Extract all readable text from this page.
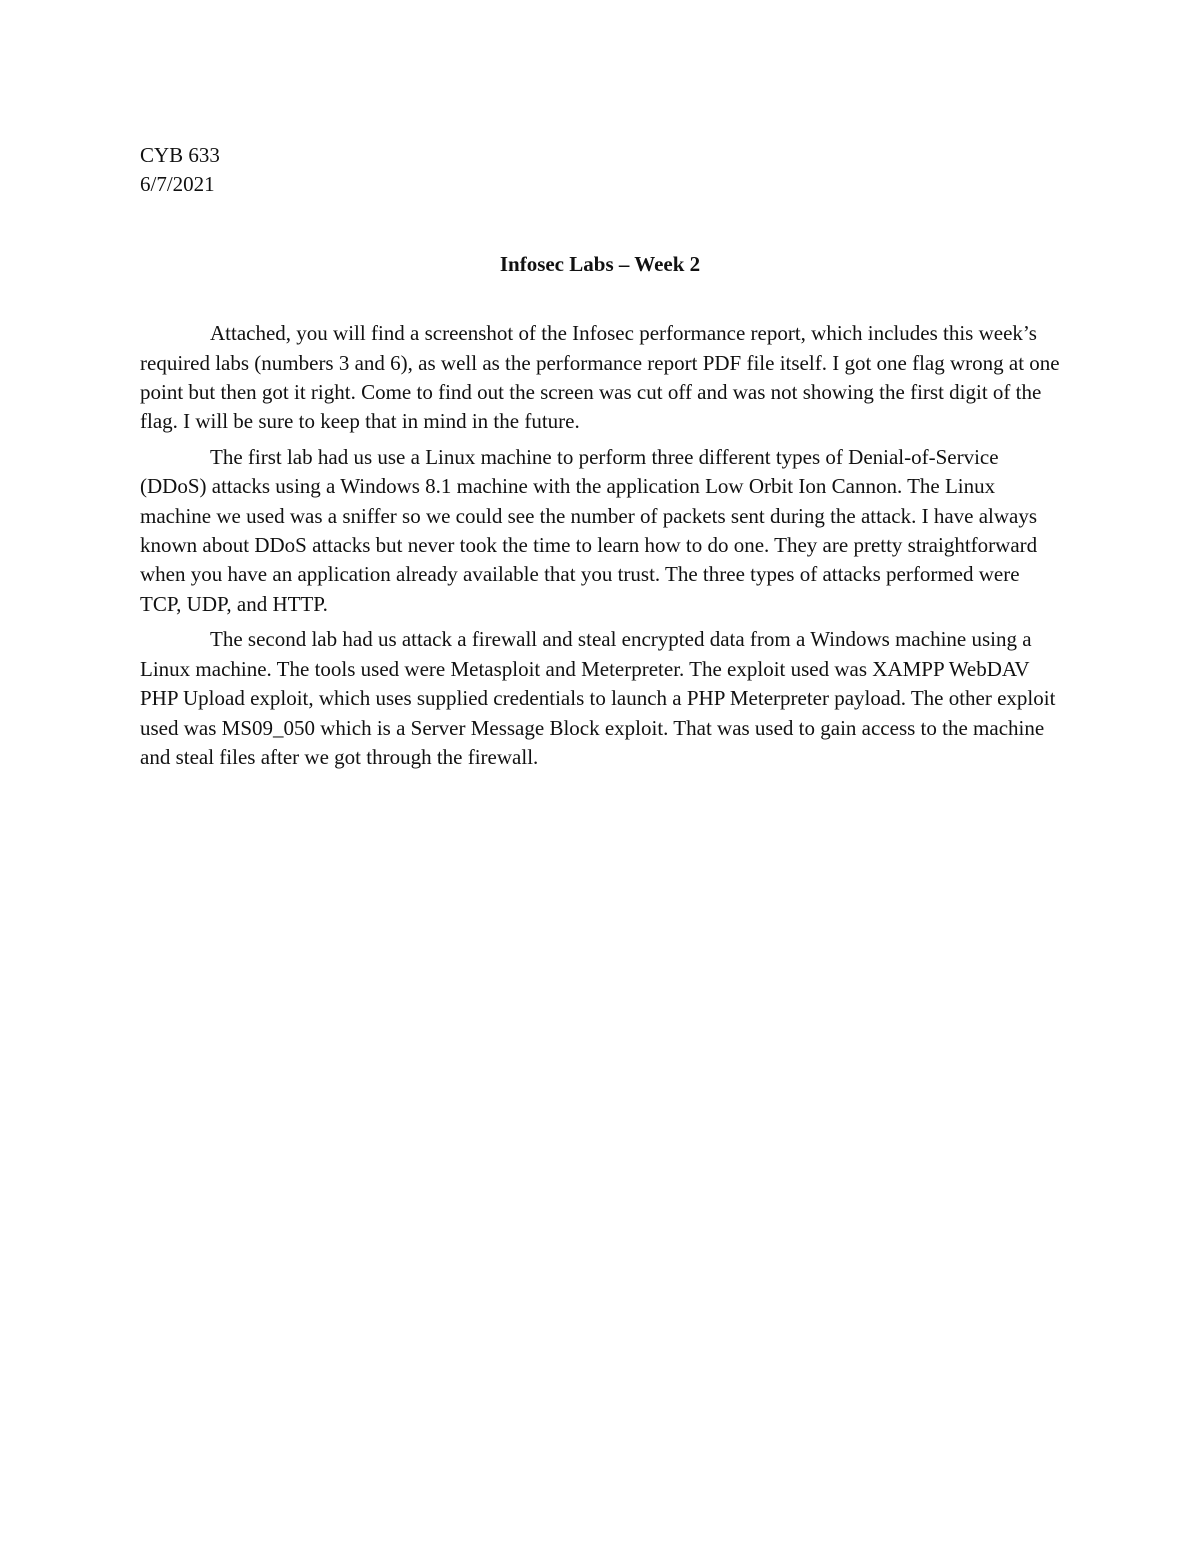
CYB 633

6/7/2021

Infosec Labs – Week 2

Attached, you will find a screenshot of the Infosec performance report, which includes this week’s required labs (numbers 3 and 6), as well as the performance report PDF file itself. I got one flag wrong at one point but then got it right. Come to find out the screen was cut off and was not showing the first digit of the flag. I will be sure to keep that in mind in the future.

The first lab had us use a Linux machine to perform three different types of Denial-of-Service (DDoS) attacks using a Windows 8.1 machine with the application Low Orbit Ion Cannon. The Linux machine we used was a sniffer so we could see the number of packets sent during the attack. I have always known about DDoS attacks but never took the time to learn how to do one. They are pretty straightforward when you have an application already available that you trust. The three types of attacks performed were TCP, UDP, and HTTP.

The second lab had us attack a firewall and steal encrypted data from a Windows machine using a Linux machine. The tools used were Metasploit and Meterpreter. The exploit used was XAMPP WebDAV PHP Upload exploit, which uses supplied credentials to launch a PHP Meterpreter payload. The other exploit used was MS09_050 which is a Server Message Block exploit. That was used to gain access to the machine and steal files after we got through the firewall.
